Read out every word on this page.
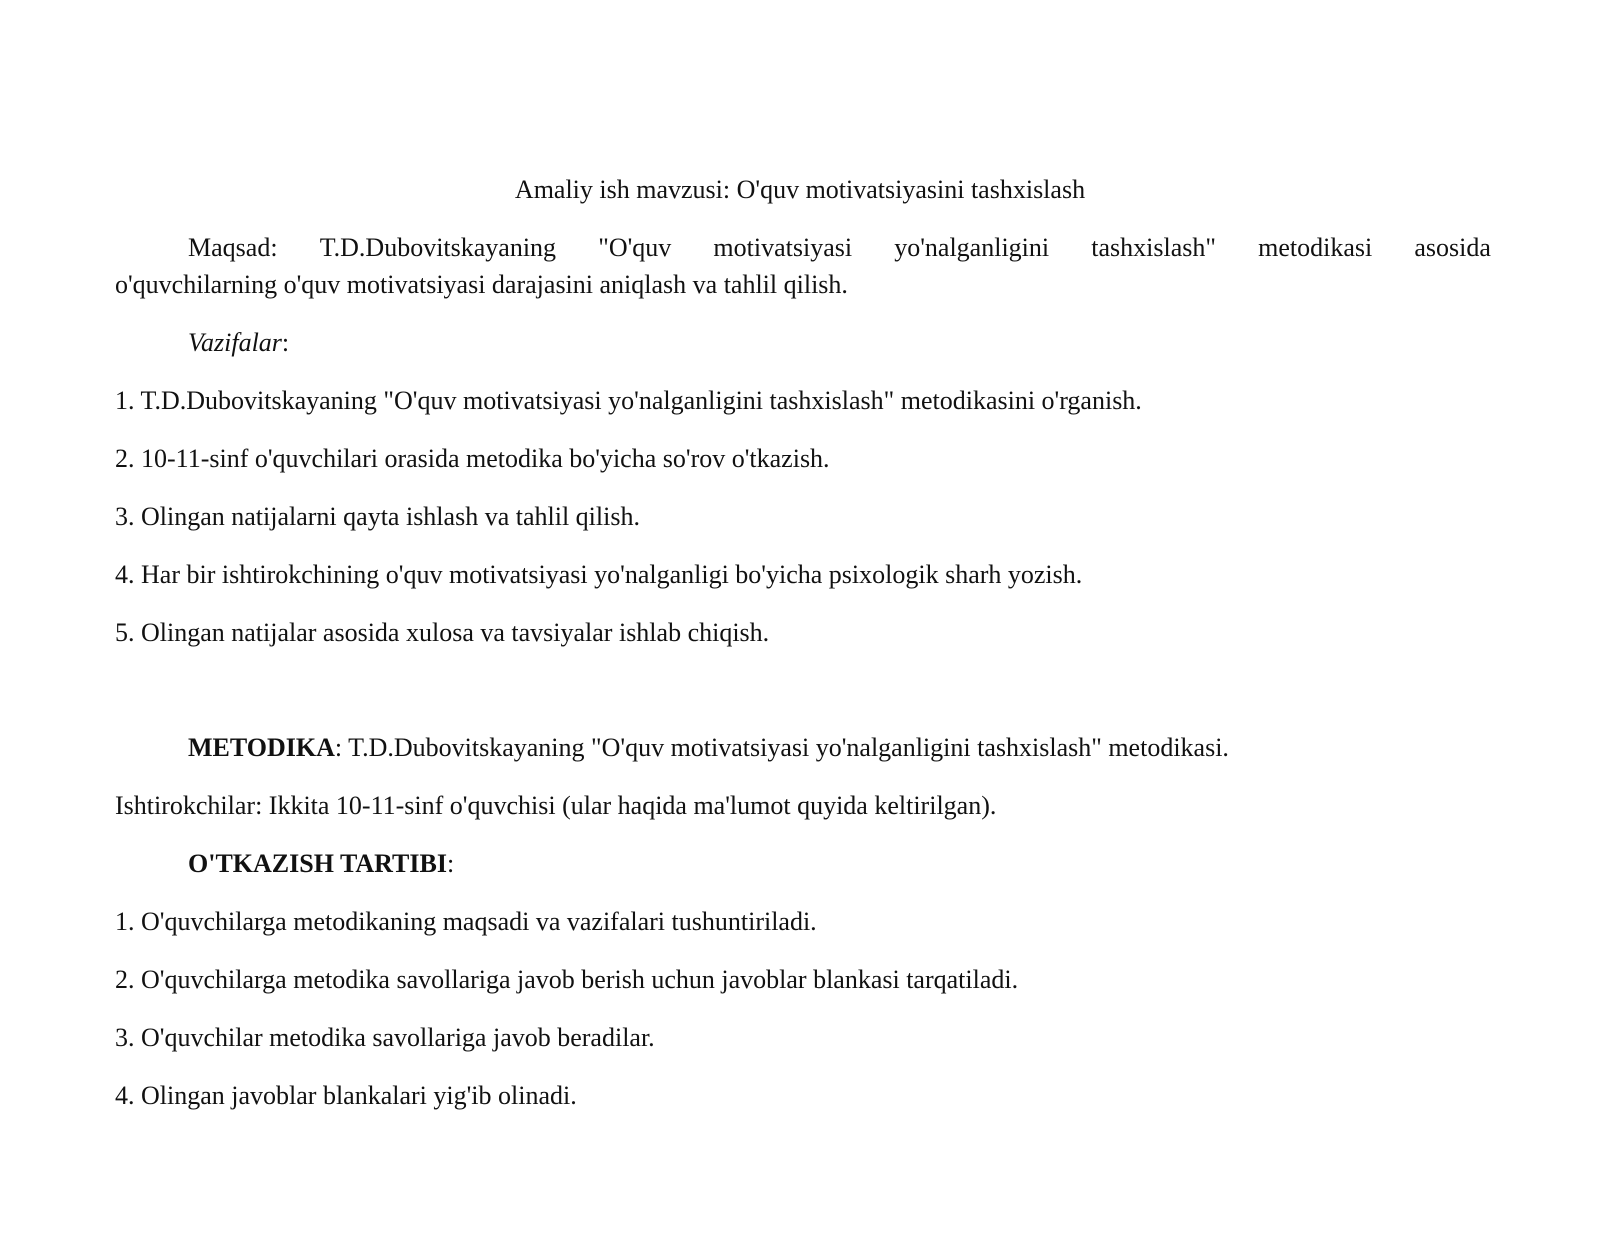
Amaliy ish mavzusi: O'quv motivatsiyasini tashxislash
Maqsad: T.D.Dubovitskayaning "O'quv motivatsiyasi yo'nalganligini tashxislash" metodikasi asosida
o'quvchilarning o'quv motivatsiyasi darajasini aniqlash va tahlil qilish.
Vazifalar:
1. T.D.Dubovitskayaning "O'quv motivatsiyasi yo'nalganligini tashxislash" metodikasini o'rganish.
2. 10-11-sinf o'quvchilari orasida metodika bo'yicha so'rov o'tkazish.
3. Olingan natijalarni qayta ishlash va tahlil qilish.
4. Har bir ishtirokchining o'quv motivatsiyasi yo'nalganligi bo'yicha psixologik sharh yozish.
5. Olingan natijalar asosida xulosa va tavsiyalar ishlab chiqish.
METODIKA: T.D.Dubovitskayaning "O'quv motivatsiyasi yo'nalganligini tashxislash" metodikasi.
Ishtirokchilar: Ikkita 10-11-sinf o'quvchisi (ular haqida ma'lumot quyida keltirilgan).
O'TKAZISH TARTIBI:
1. O'quvchilarga metodikaning maqsadi va vazifalari tushuntiriladi.
2. O'quvchilarga metodika savollariga javob berish uchun javoblar blankasi tarqatiladi.
3. O'quvchilar metodika savollariga javob beradilar.
4. Olingan javoblar blankalari yig'ib olinadi.
